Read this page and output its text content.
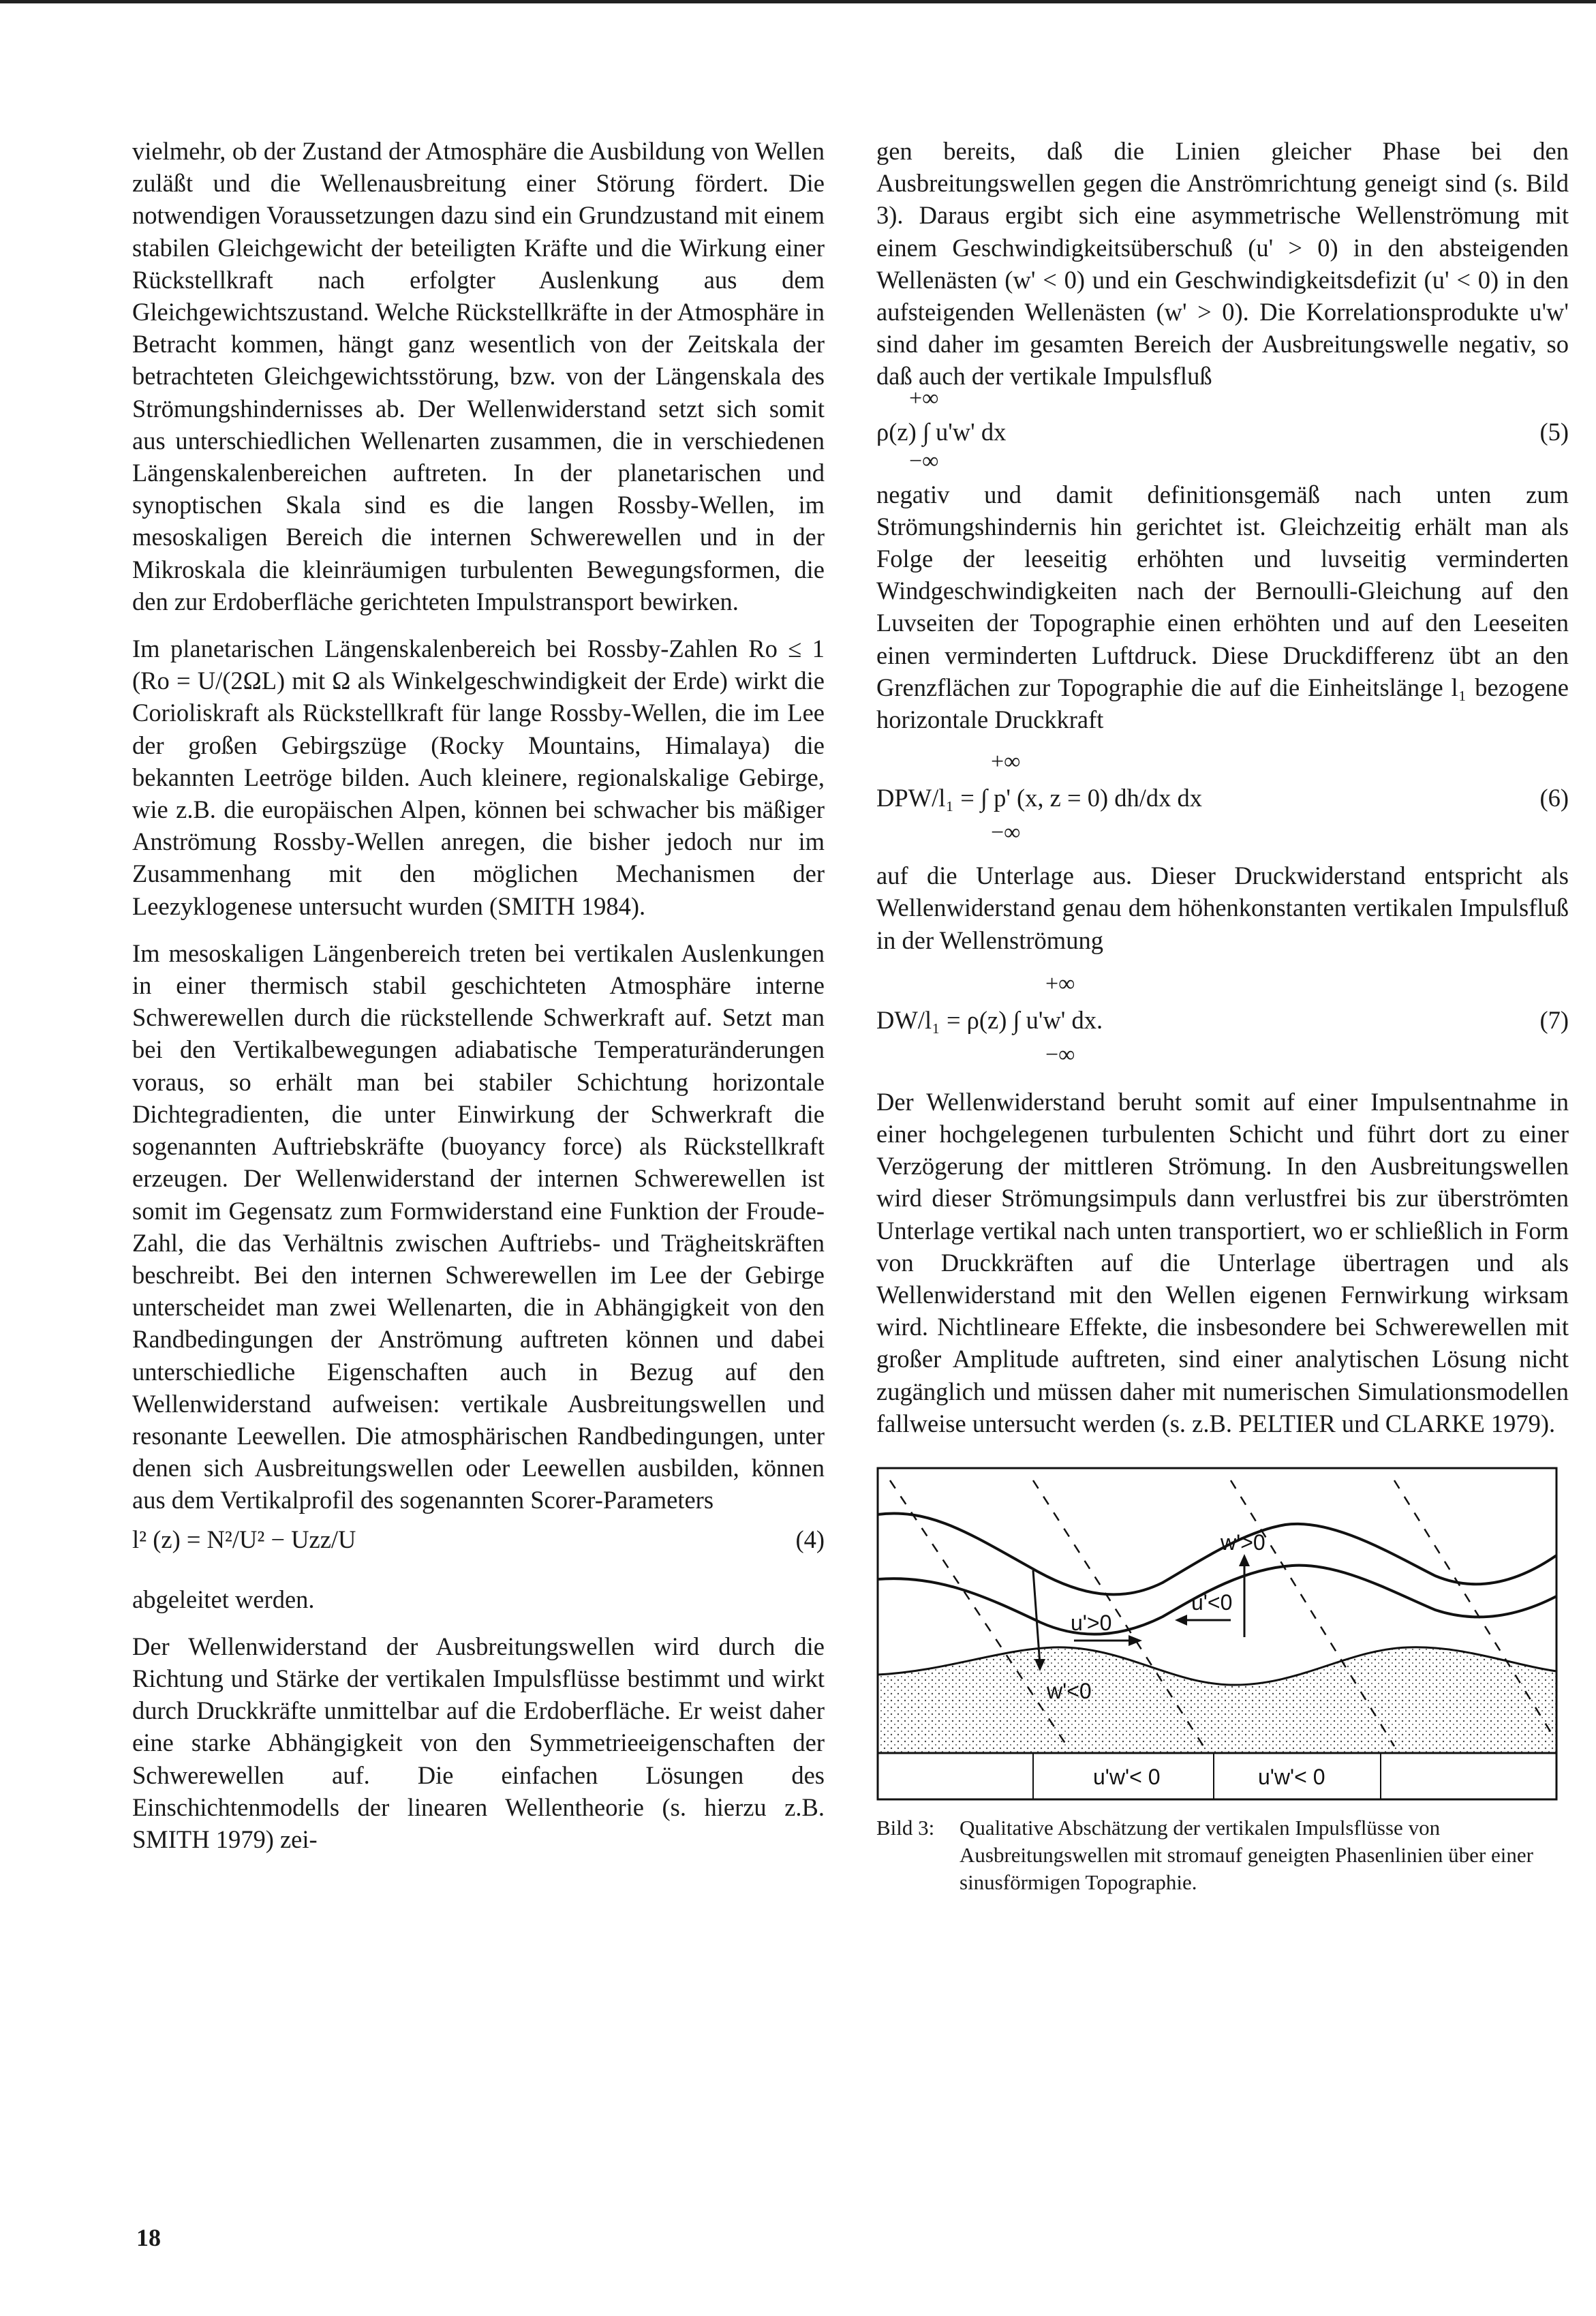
vielmehr, ob der Zustand der Atmosphäre die Ausbildung von Wellen zuläßt und die Wellenausbreitung einer Störung fördert. Die notwendigen Voraussetzungen dazu sind ein Grundzustand mit einem stabilen Gleichgewicht der beteiligten Kräfte und die Wirkung einer Rückstellkraft nach erfolgter Auslenkung aus dem Gleichgewichtszustand. Welche Rückstellkräfte in der Atmosphäre in Betracht kommen, hängt ganz wesentlich von der Zeitskala der betrachteten Gleichgewichtsstörung, bzw. von der Längenskala des Strömungshindernisses ab. Der Wellenwiderstand setzt sich somit aus unterschiedlichen Wellenarten zusammen, die in verschiedenen Längenskalenbereichen auftreten. In der planetarischen und synoptischen Skala sind es die langen Rossby-Wellen, im mesoskaligen Bereich die internen Schwerewellen und in der Mikroskala die kleinräumigen turbulenten Bewegungsformen, die den zur Erdoberfläche gerichteten Impulstransport bewirken.

Im planetarischen Längenskalenbereich bei Rossby-Zahlen Ro ≤ 1 (Ro = U/(2ΩL) mit Ω als Winkelgeschwindigkeit der Erde) wirkt die Corioliskraft als Rückstellkraft für lange Rossby-Wellen, die im Lee der großen Gebirgszüge (Rocky Mountains, Himalaya) die bekannten Leetröge bilden. Auch kleinere, regionalskalige Gebirge, wie z.B. die europäischen Alpen, können bei schwacher bis mäßiger Anströmung Rossby-Wellen anregen, die bisher jedoch nur im Zusammenhang mit den möglichen Mechanismen der Leezyklogenese untersucht wurden (SMITH 1984).

Im mesoskaligen Längenbereich treten bei vertikalen Auslenkungen in einer thermisch stabil geschichteten Atmosphäre interne Schwerewellen durch die rückstellende Schwerkraft auf. Setzt man bei den Vertikalbewegungen adiabatische Temperaturänderungen voraus, so erhält man bei stabiler Schichtung horizontale Dichtegradienten, die unter Einwirkung der Schwerkraft die sogenannten Auftriebskräfte (buoyancy force) als Rückstellkraft erzeugen. Der Wellenwiderstand der internen Schwerewellen ist somit im Gegensatz zum Formwiderstand eine Funktion der Froude-Zahl, die das Verhältnis zwischen Auftriebs- und Trägheitskräften beschreibt. Bei den internen Schwerewellen im Lee der Gebirge unterscheidet man zwei Wellenarten, die in Abhängigkeit von den Randbedingungen der Anströmung auftreten können und dabei unterschiedliche Eigenschaften auch in Bezug auf den Wellenwiderstand aufweisen: vertikale Ausbreitungswellen und resonante Leewellen. Die atmosphärischen Randbedingungen, unter denen sich Ausbreitungswellen oder Leewellen ausbilden, können aus dem Vertikalprofil des sogenannten Scorer-Parameters

l² (z) = N²/U² − Uzz/U	(4)

abgeleitet werden.

Der Wellenwiderstand der Ausbreitungswellen wird durch die Richtung und Stärke der vertikalen Impulsflüsse bestimmt und wirkt durch Druckkräfte unmittelbar auf die Erdoberfläche. Er weist daher eine starke Abhängigkeit von den Symmetrieeigenschaften der Schwerewellen auf. Die einfachen Lösungen des Einschichtenmodells der linearen Wellentheorie (s. hierzu z.B. SMITH 1979) zei-

gen bereits, daß die Linien gleicher Phase bei den Ausbreitungswellen gegen die Anströmrichtung geneigt sind (s. Bild 3). Daraus ergibt sich eine asymmetrische Wellenströmung mit einem Geschwindigkeitsüberschuß (u' > 0) in den absteigenden Wellenästen (w' < 0) und ein Geschwindigkeitsdefizit (u' < 0) in den aufsteigenden Wellenästen (w' > 0). Die Korrelationsprodukte u'w' sind daher im gesamten Bereich der Ausbreitungswelle negativ, so daß auch der vertikale Impulsfluß

+∞
ρ(z) ∫ u'w' dx
−∞
(5)

negativ und damit definitionsgemäß nach unten zum Strömungshindernis hin gerichtet ist. Gleichzeitig erhält man als Folge der leeseitig erhöhten und luvseitig verminderten Windgeschwindigkeiten nach der Bernoulli-Gleichung auf den Luvseiten der Topographie einen erhöhten und auf den Leeseiten einen verminderten Luftdruck. Diese Druckdifferenz übt an den Grenzflächen zur Topographie die auf die Einheitslänge l₁ bezogene horizontale Druckkraft

+∞
DPW/l₁ = ∫ p' (x, z = 0) dh/dx dx
−∞
(6)

auf die Unterlage aus. Dieser Druckwiderstand entspricht als Wellenwiderstand genau dem höhenkonstanten vertikalen Impulsfluß in der Wellenströmung

+∞
DW/l₁ = ρ(z) ∫ u'w' dx.
−∞
(7)

Der Wellenwiderstand beruht somit auf einer Impulsentnahme in einer hochgelegenen turbulenten Schicht und führt dort zu einer Verzögerung der mittleren Strömung. In den Ausbreitungswellen wird dieser Strömungsimpuls dann verlustfrei bis zur überströmten Unterlage vertikal nach unten transportiert, wo er schließlich in Form von Druckkräften auf die Unterlage übertragen und als Wellenwiderstand mit den Wellen eigenen Fernwirkung wirksam wird. Nichtlineare Effekte, die insbesondere bei Schwerewellen mit großer Amplitude auftreten, sind einer analytischen Lösung nicht zugänglich und müssen daher mit numerischen Simulationsmodellen fallweise untersucht werden (s. z.B. PELTIER und CLARKE 1979).

w'>0
u'>0
u'<0
w'<0
u'w'< 0	u'w'< 0
Bild 3:	Qualitative Abschätzung der vertikalen Impulsflüsse von Ausbreitungswellen mit stromauf geneigten Phasenlinien über einer sinusförmigen Topographie.
18
